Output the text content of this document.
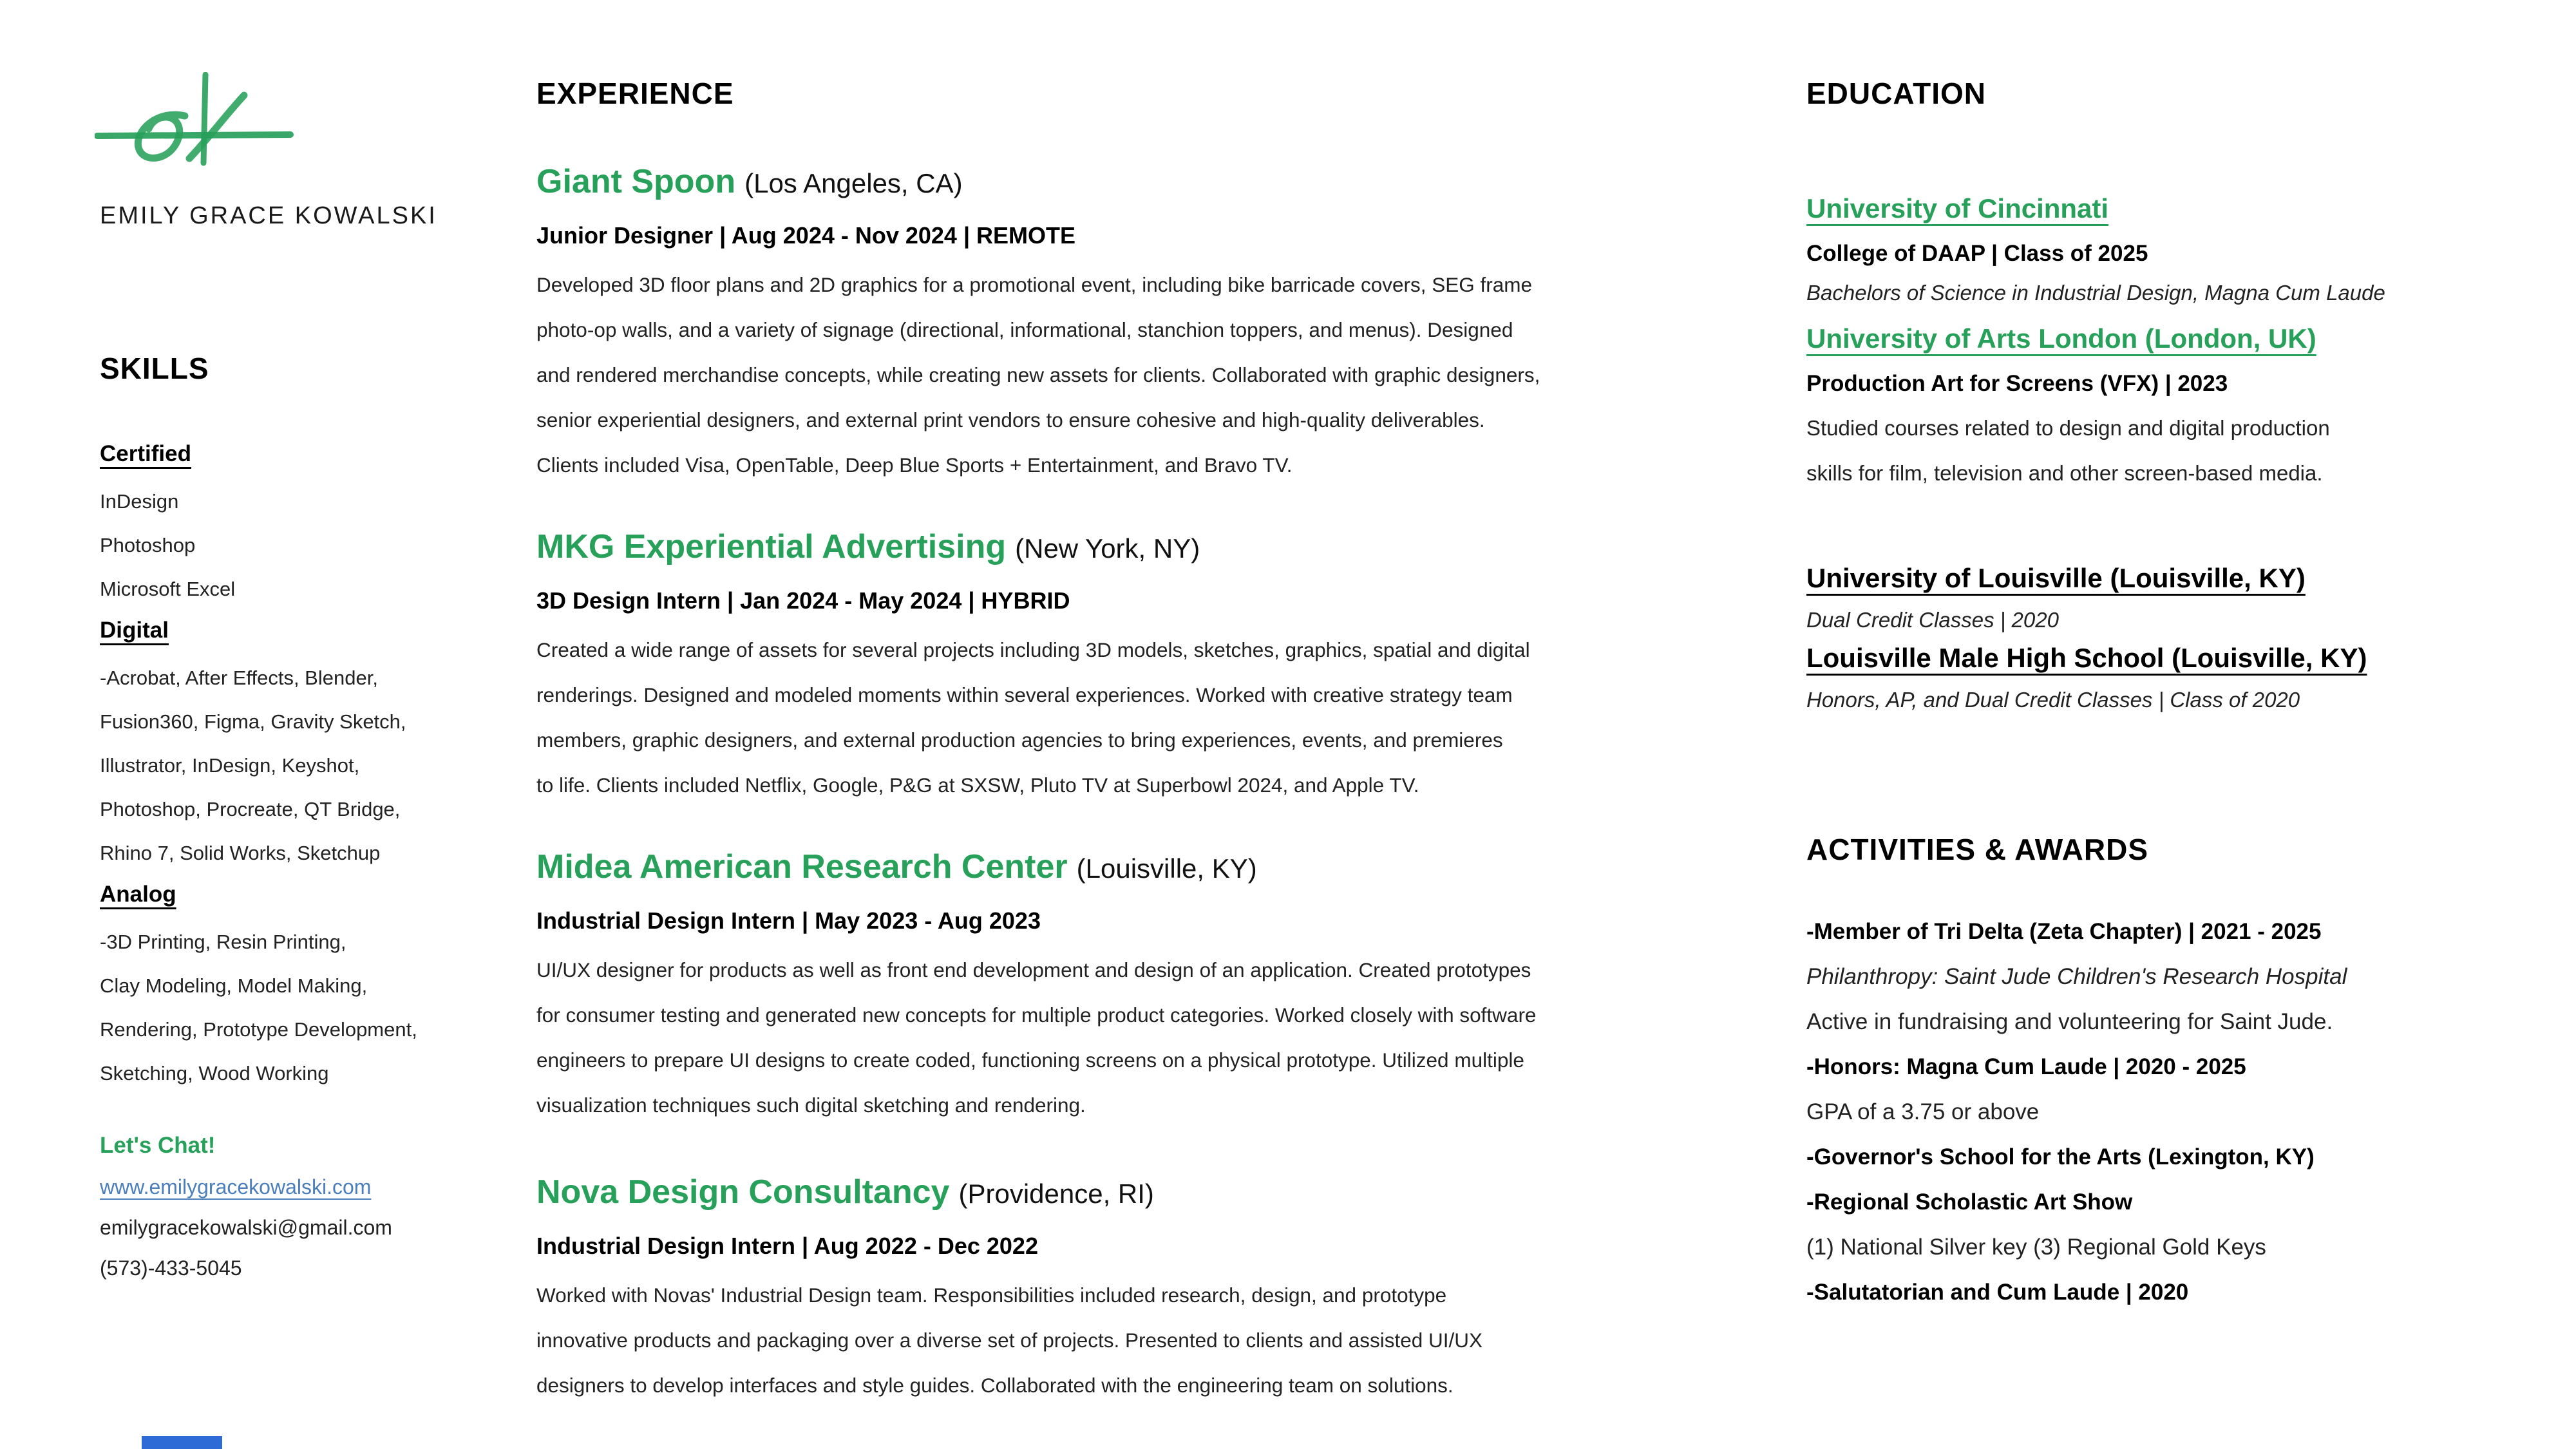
EMILY GRACE KOWALSKI
SKILLS
Certified
InDesign
Photoshop
Microsoft Excel
Digital
-Acrobat, After Effects, Blender,
Fusion360, Figma, Gravity Sketch,
Illustrator, InDesign, Keyshot,
Photoshop, Procreate, QT Bridge,
Rhino 7, Solid Works, Sketchup
Analog
-3D Printing, Resin Printing,
Clay Modeling, Model Making,
Rendering, Prototype Development,
Sketching, Wood Working
Let's Chat!
www.emilygracekowalski.com
emilygracekowalski@gmail.com
(573)-433-5045
EXPERIENCE
Giant Spoon (Los Angeles, CA)
Junior Designer | Aug 2024 - Nov 2024 | REMOTE
Developed 3D floor plans and 2D graphics for a promotional event, including bike barricade covers, SEG frame
photo-op walls, and a variety of signage (directional, informational, stanchion toppers, and menus). Designed
and rendered merchandise concepts, while creating new assets for clients. Collaborated with graphic designers,
senior experiential designers, and external print vendors to ensure cohesive and high-quality deliverables.
Clients included Visa, OpenTable, Deep Blue Sports + Entertainment, and Bravo TV.
MKG Experiential Advertising (New York, NY)
3D Design Intern | Jan 2024 - May 2024 | HYBRID
Created a wide range of assets for several projects including 3D models, sketches, graphics, spatial and digital
renderings. Designed and modeled moments within several experiences. Worked with creative strategy team
members, graphic designers, and external production agencies to bring experiences, events, and premieres
to life. Clients included Netflix, Google, P&G at SXSW, Pluto TV at Superbowl 2024, and Apple TV.
Midea American Research Center (Louisville, KY)
Industrial Design Intern | May 2023 - Aug 2023
UI/UX designer for products as well as front end development and design of an application. Created prototypes
for consumer testing and generated new concepts for multiple product categories. Worked closely with software
engineers to prepare UI designs to create coded, functioning screens on a physical prototype. Utilized multiple
visualization techniques such digital sketching and rendering.
Nova Design Consultancy (Providence, RI)
Industrial Design Intern | Aug 2022 - Dec 2022
Worked with Novas' Industrial Design team. Responsibilities included research, design, and prototype
innovative products and packaging over a diverse set of projects. Presented to clients and assisted UI/UX
designers to develop interfaces and style guides. Collaborated with the engineering team on solutions.
EDUCATION
University of Cincinnati
College of DAAP | Class of 2025
Bachelors of Science in Industrial Design, Magna Cum Laude
University of Arts London (London, UK)
Production Art for Screens (VFX) | 2023
Studied courses related to design and digital production
skills for film, television and other screen-based media.
University of Louisville (Louisville, KY)
Dual Credit Classes | 2020
Louisville Male High School (Louisville, KY)
Honors, AP, and Dual Credit Classes | Class of 2020
ACTIVITIES & AWARDS
-Member of Tri Delta (Zeta Chapter) | 2021 - 2025
Philanthropy: Saint Jude Children's Research Hospital
Active in fundraising and volunteering for Saint Jude.
-Honors: Magna Cum Laude | 2020 - 2025
GPA of a 3.75 or above
-Governor's School for the Arts (Lexington, KY)
-Regional Scholastic Art Show
(1) National Silver key (3) Regional Gold Keys
-Salutatorian and Cum Laude | 2020
